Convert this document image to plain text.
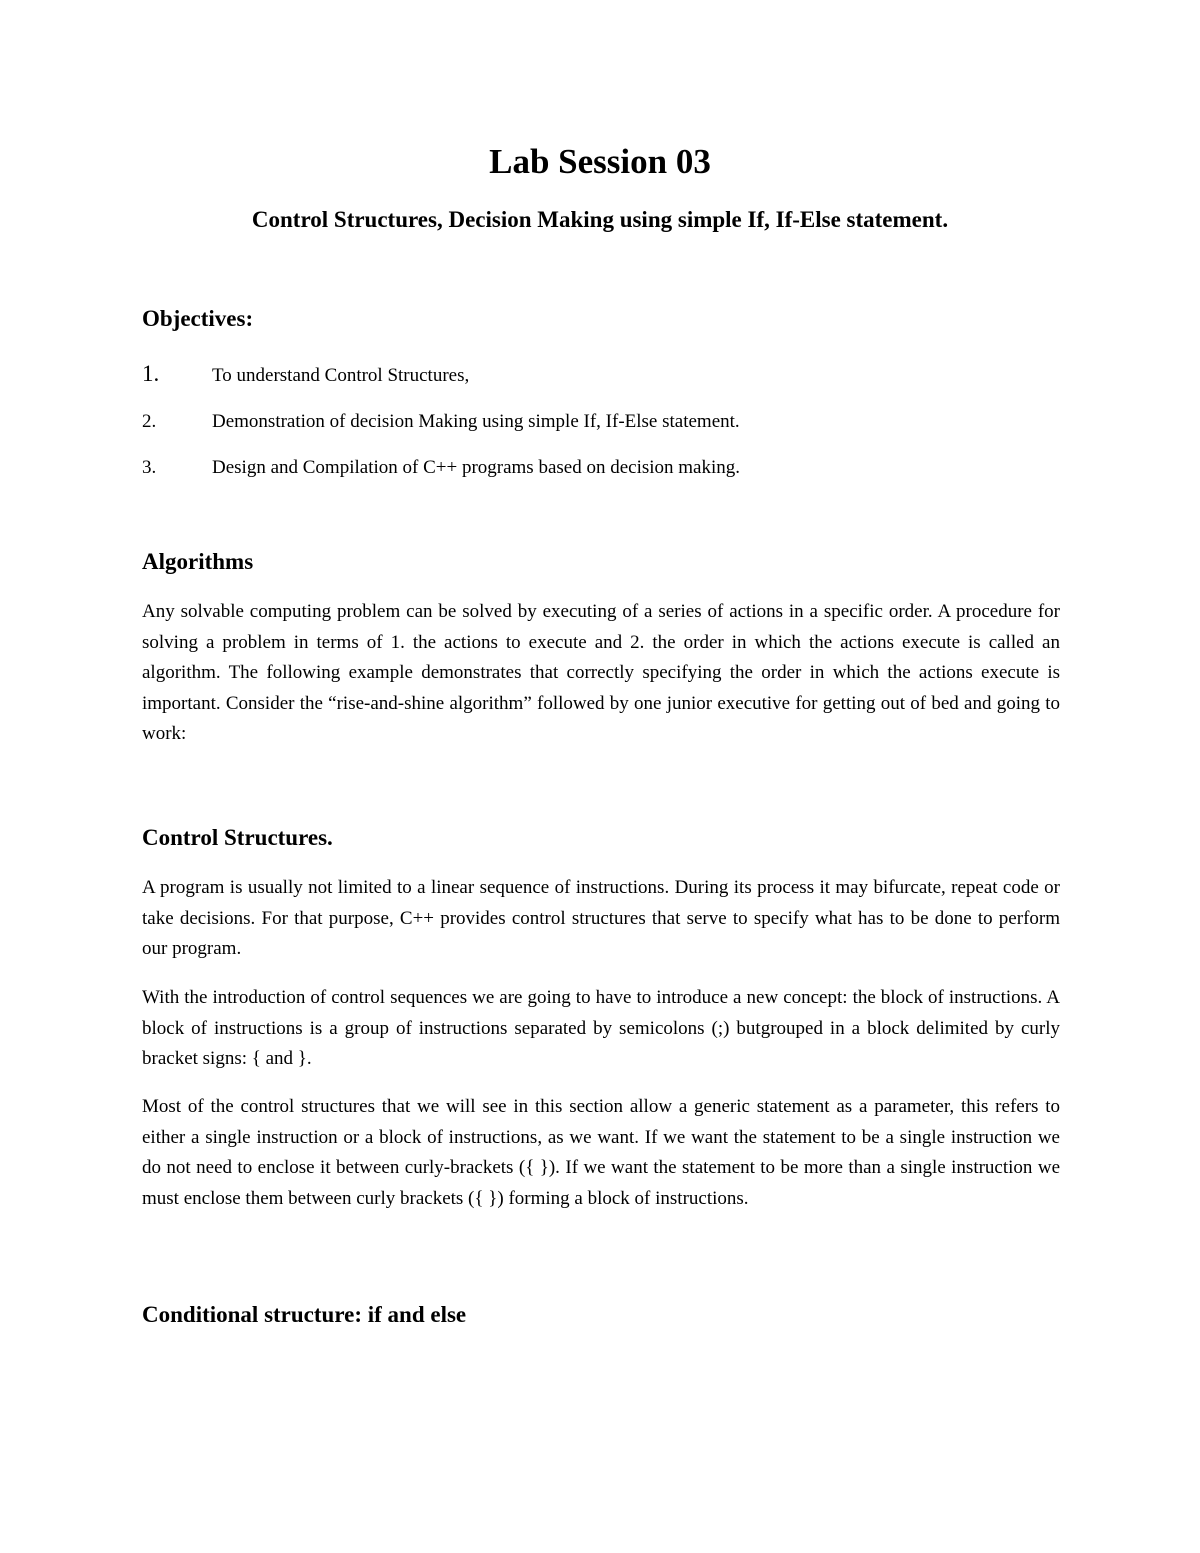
Lab Session 03
Control Structures, Decision Making using simple If, If-Else statement.
Objectives:

1.	To understand Control Structures,

2.	Demonstration of decision Making using simple If, If-Else statement.

3.	Design and Compilation of C++ programs based on decision making.

Algorithms

Any solvable computing problem can be solved by executing of a series of actions in a specific order. A procedure for solving a problem in terms of 1. the actions to execute and 2. the order in which the actions execute is called an algorithm. The following example demonstrates that correctly specifying the order in which the actions execute is important. Consider the “rise-and-shine algorithm” followed by one junior executive for getting out of bed and going to work:

Control Structures.

A program is usually not limited to a linear sequence of instructions. During its process it may bifurcate, repeat code or take decisions. For that purpose, C++ provides control structures that serve to specify what has to be done to perform our program.

With the introduction of control sequences we are going to have to introduce a new concept: the block of instructions. A block of instructions is a group of instructions separated by semicolons (;) butgrouped in a block delimited by curly bracket signs: { and }.

Most of the control structures that we will see in this section allow a generic statement as a parameter, this refers to either a single instruction or a block of instructions, as we want. If we want the statement to be a single instruction we do not need to enclose it between curly-brackets ({ }). If we want the statement to be more than a single instruction we must enclose them between curly brackets ({ }) forming a block of instructions.

Conditional structure: if and else
